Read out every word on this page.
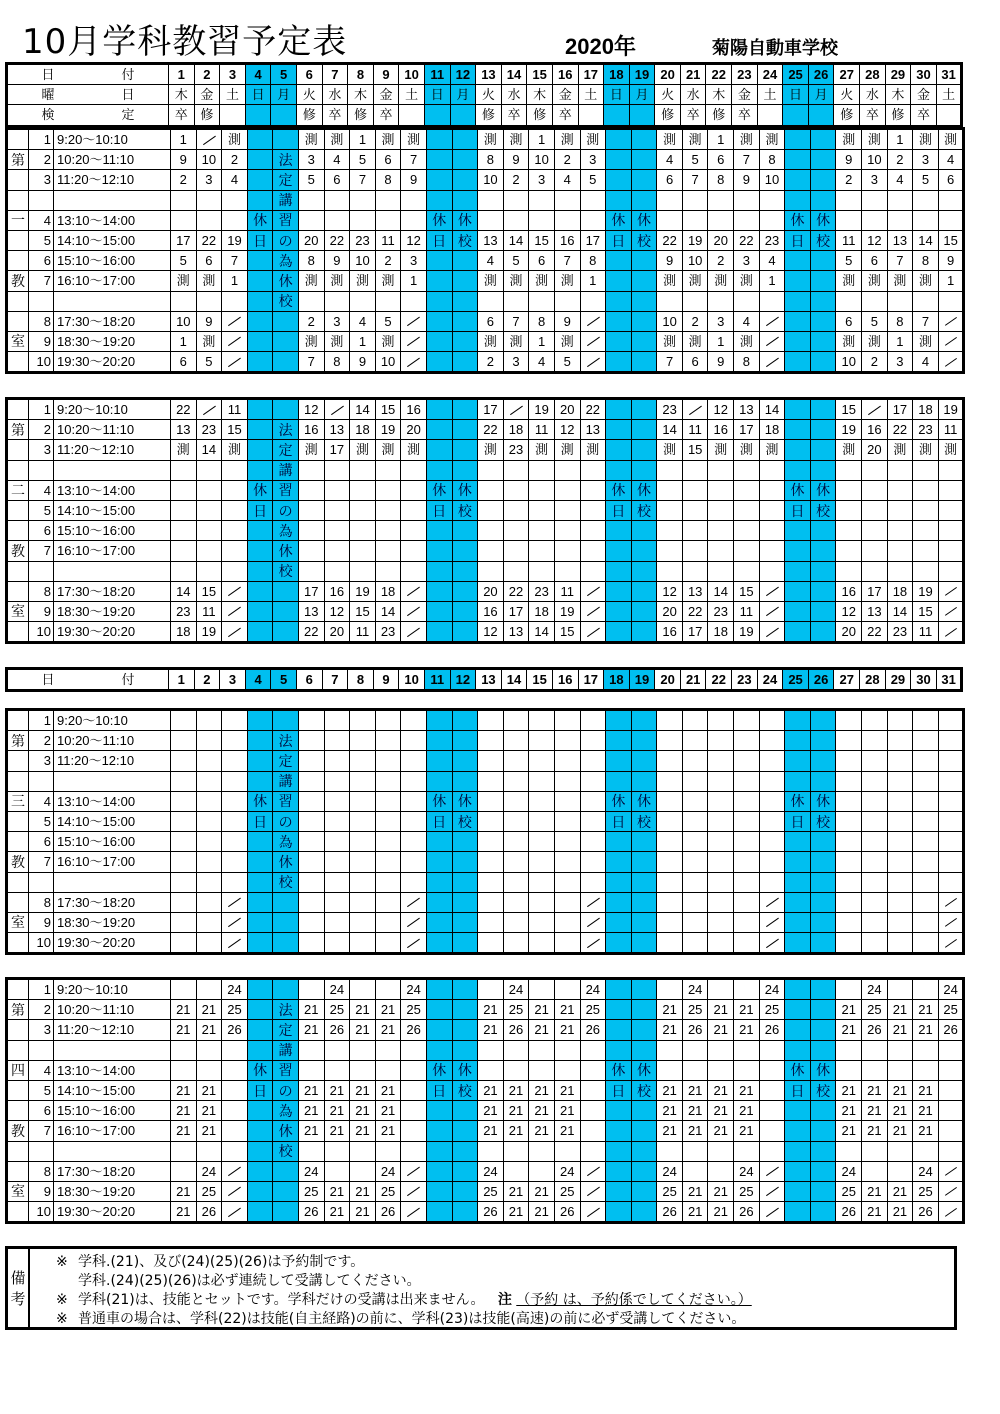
10月学科教習予定表	2020年	菊陽自動車学校
日 付	1	2	3	4	5	6	7	8	9	10	11	12	13	14	15	16	17	18	19	20	21	22	23	24	25	26	27	28	29	30	31

曜 日	木	金	土	日	月	火	水	木	金	土	日	月	火	水	木	金	土	日	月	火	水	木	金	土	日	月	火	水	木	金	土

検 定	卒	修				修	卒	修	卒				修	卒	修	卒				修	卒	修	卒				修	卒	修	卒	
	1	9:20～10:10	1		測			測	測	1	測	測			測	測	1	測	測			測	測	1	測	測			測	測	1	測	測
第	2	10:20～11:10	9	10	2		法	3	4	5	6	7			8	9	10	2	3			4	5	6	7	8			9	10	2	3	4
	3	11:20～12:10	2	3	4		定	5	6	7	8	9			10	2	3	4	5			6	7	8	9	10			2	3	4	5	6
							講																										
一	4	13:10～14:00				休	習						休	休						休	休						休	休					
	5	14:10～15:00	17	22	19	日	の	20	22	23	11	12	日	校	13	14	15	16	17	日	校	22	19	20	22	23	日	校	11	12	13	14	15
	6	15:10～16:00	5	6	7		為	8	9	10	2	3			4	5	6	7	8			9	10	2	3	4			5	6	7	8	9
教	7	16:10～17:00	測	測	1		休	測	測	測	測	1			測	測	測	測	1			測	測	測	測	1			測	測	測	測	1
							校																										
	8	17:30～18:20	10	9				2	3	4	5				6	7	8	9				10	2	3	4				6	5	8	7	
室	9	18:30～19:20	1	測				測	測	1	測				測	測	1	測				測	測	1	測				測	測	1	測	
	10	19:30～20:20	6	5				7	8	9	10				2	3	4	5				7	6	9	8				10	2	3	4	
	1	9:20～10:10	22		11			12		14	15	16			17		19	20	22			23		12	13	14			15		17	18	19
第	2	10:20～11:10	13	23	15		法	16	13	18	19	20			22	18	11	12	13			14	11	16	17	18			19	16	22	23	11
	3	11:20～12:10	測	14	測		定	測	17	測	測	測			測	23	測	測	測			測	15	測	測	測			測	20	測	測	測
							講																										
二	4	13:10～14:00				休	習						休	休						休	休						休	休					
	5	14:10～15:00				日	の						日	校						日	校						日	校					
	6	15:10～16:00					為																										
教	7	16:10～17:00					休																										
							校																										
	8	17:30～18:20	14	15				17	16	19	18				20	22	23	11				12	13	14	15				16	17	18	19	
室	9	18:30～19:20	23	11				13	12	15	14				16	17	18	19				20	22	23	11				12	13	14	15	
	10	19:30～20:20	18	19				22	20	11	23				12	13	14	15				16	17	18	19				20	22	23	11	
日	付	1	2	3	4	5	6	7	8	9	10	11	12	13	14	15	16	17	18	19	20	21	22	23	24	25	26	27	28	29	30	31
	1	9:20～10:10																															
第	2	10:20～11:10					法																										
	3	11:20～12:10					定																										
							講																										
三	4	13:10～14:00				休	習						休	休						休	休						休	休					
	5	14:10～15:00				日	の						日	校						日	校						日	校					
	6	15:10～16:00					為																										
教	7	16:10～17:00					休																										
							校																										
	8	17:30～18:20																															
室	9	18:30～19:20																															
	10	19:30～20:20																															
	1	9:20～10:10			24				24			24				24			24				24			24				24			24
第	2	10:20～11:10	21	21	25		法	21	25	21	21	25			21	25	21	21	25			21	25	21	21	25			21	25	21	21	25
	3	11:20～12:10	21	21	26		定	21	26	21	21	26			21	26	21	21	26			21	26	21	21	26			21	26	21	21	26
							講																										
四	4	13:10～14:00				休	習						休	休						休	休						休	休					
	5	14:10～15:00	21	21		日	の	21	21	21	21		日	校	21	21	21	21		日	校	21	21	21	21		日	校	21	21	21	21	
	6	15:10～16:00	21	21			為	21	21	21	21				21	21	21	21				21	21	21	21				21	21	21	21	
教	7	16:10～17:00	21	21			休	21	21	21	21				21	21	21	21				21	21	21	21				21	21	21	21	
							校																										
	8	17:30～18:20		24				24			24				24			24				24			24				24			24	
室	9	18:30～19:20	21	25				25	21	21	25				25	21	21	25				25	21	21	25				25	21	21	25	
	10	19:30～20:20	21	26				26	21	21	26				26	21	21	26				26	21	21	26				26	21	21	26	
備
考
※ 学科.(21)、及び(24)(25)(26)は予約制です。
学科.(24)(25)(26)は必ず連続して受講してください。
※ 学科(21)は、技能とセットです。学科だけの受講は出来ません。 注 （予約 は、予約係でしてください。）
※ 普通車の場合は、学科(22)は技能(自主経路)の前に、学科(23)は技能(高速)の前に必ず受講してください。
